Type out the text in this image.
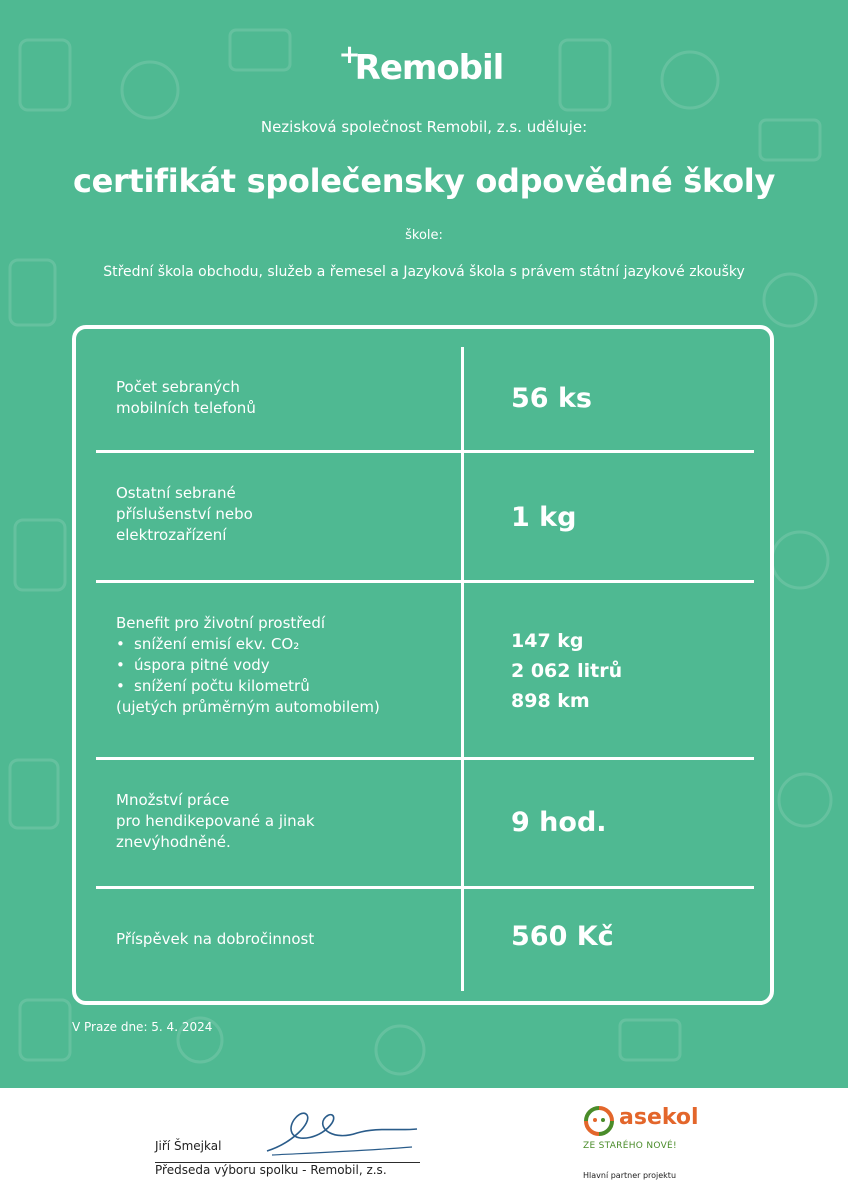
+
Remobil
Nezisková společnost Remobil, z.s. uděluje:
certifikát společensky odpovědné školy
škole:
Střední škola obchodu, služeb a řemesel a Jazyková škola s právem státní jazykové zkoušky
Počet sebraných
mobilních telefonů	56 ks
Ostatní sebrané
příslušenství nebo
elektrozařízení
1 kg
Benefit pro životní prostředí
• snížení emisí ekv. CO₂
• úspora pitné vody
• snížení počtu kilometrů
(ujetých průměrným automobilem)
147 kg
2 062 litrů
898 km
Množství práce
pro hendikepované a jinak
znevýhodněné.
9 hod.
Příspěvek na dobročinnost	560 Kč
V Praze dne: 5. 4. 2024
Jiří Šmejkal
Předseda výboru spolku - Remobil, z.s.
asekol
ZE STARÉHO NOVÉ!
Hlavní partner projektu
